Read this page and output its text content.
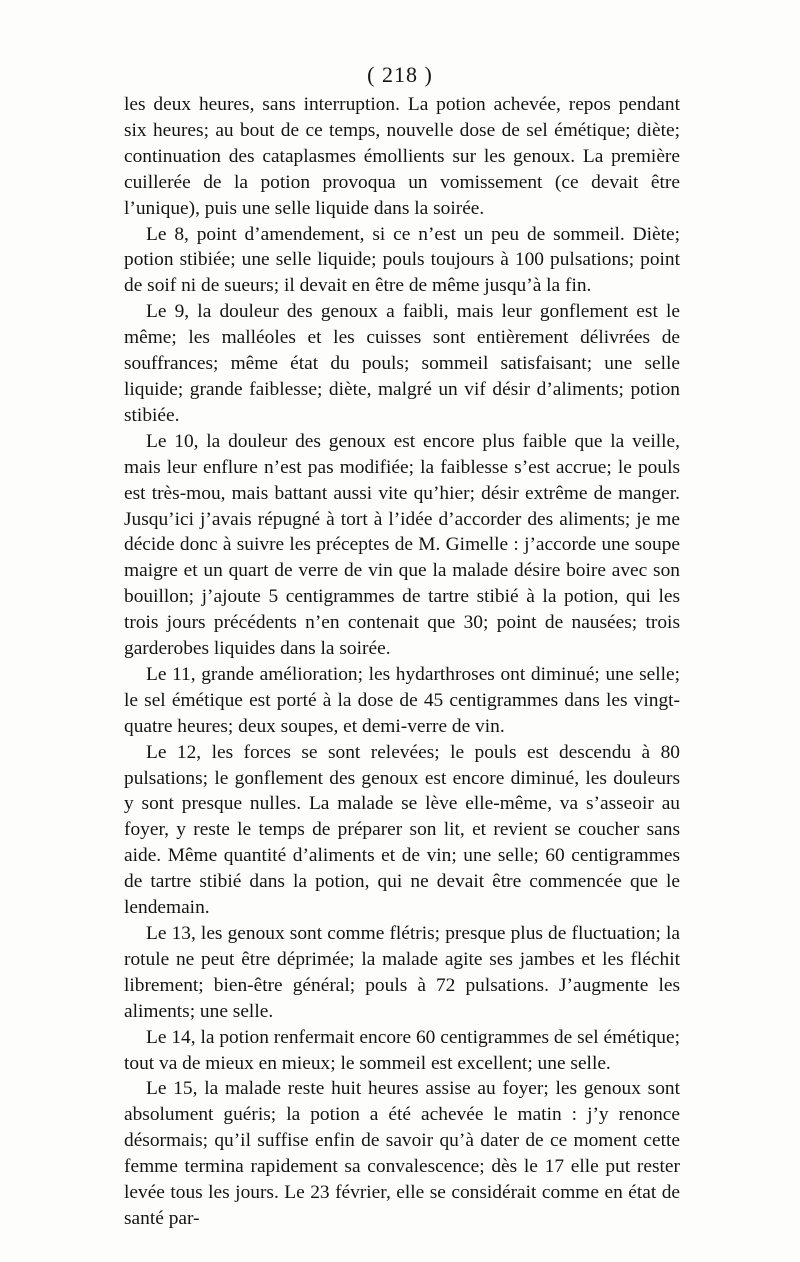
( 218 )

les deux heures, sans interruption. La potion achevée, repos pendant six heures; au bout de ce temps, nouvelle dose de sel émétique; diète; continuation des cataplasmes émollients sur les genoux. La première cuillerée de la potion provoqua un vomissement (ce devait être l’unique), puis une selle liquide dans la soirée.

Le 8, point d’amendement, si ce n’est un peu de sommeil. Diète; potion stibiée; une selle liquide; pouls toujours à 100 pulsations; point de soif ni de sueurs; il devait en être de même jusqu’à la fin.

Le 9, la douleur des genoux a faibli, mais leur gonflement est le même; les malléoles et les cuisses sont entièrement délivrées de souffrances; même état du pouls; sommeil satisfaisant; une selle liquide; grande faiblesse; diète, malgré un vif désir d’aliments; potion stibiée.

Le 10, la douleur des genoux est encore plus faible que la veille, mais leur enflure n’est pas modifiée; la faiblesse s’est accrue; le pouls est très-mou, mais battant aussi vite qu’hier; désir extrême de manger. Jusqu’ici j’avais répugné à tort à l’idée d’accorder des aliments; je me décide donc à suivre les préceptes de M. Gimelle : j’accorde une soupe maigre et un quart de verre de vin que la malade désire boire avec son bouillon; j’ajoute 5 centigrammes de tartre stibié à la potion, qui les trois jours précédents n’en contenait que 30; point de nausées; trois garderobes liquides dans la soirée.

Le 11, grande amélioration; les hydarthroses ont diminué; une selle; le sel émétique est porté à la dose de 45 centigrammes dans les vingt-quatre heures; deux soupes, et demi-verre de vin.

Le 12, les forces se sont relevées; le pouls est descendu à 80 pulsations; le gonflement des genoux est encore diminué, les douleurs y sont presque nulles. La malade se lève elle-même, va s’asseoir au foyer, y reste le temps de préparer son lit, et revient se coucher sans aide. Même quantité d’aliments et de vin; une selle; 60 centigrammes de tartre stibié dans la potion, qui ne devait être commencée que le lendemain.

Le 13, les genoux sont comme flétris; presque plus de fluctuation; la rotule ne peut être déprimée; la malade agite ses jambes et les fléchit librement; bien-être général; pouls à 72 pulsations. J’augmente les aliments; une selle.

Le 14, la potion renfermait encore 60 centigrammes de sel émétique; tout va de mieux en mieux; le sommeil est excellent; une selle.

Le 15, la malade reste huit heures assise au foyer; les genoux sont absolument guéris; la potion a été achevée le matin : j’y renonce désormais; qu’il suffise enfin de savoir qu’à dater de ce moment cette femme termina rapidement sa convalescence; dès le 17 elle put rester levée tous les jours. Le 23 février, elle se considérait comme en état de santé par-
